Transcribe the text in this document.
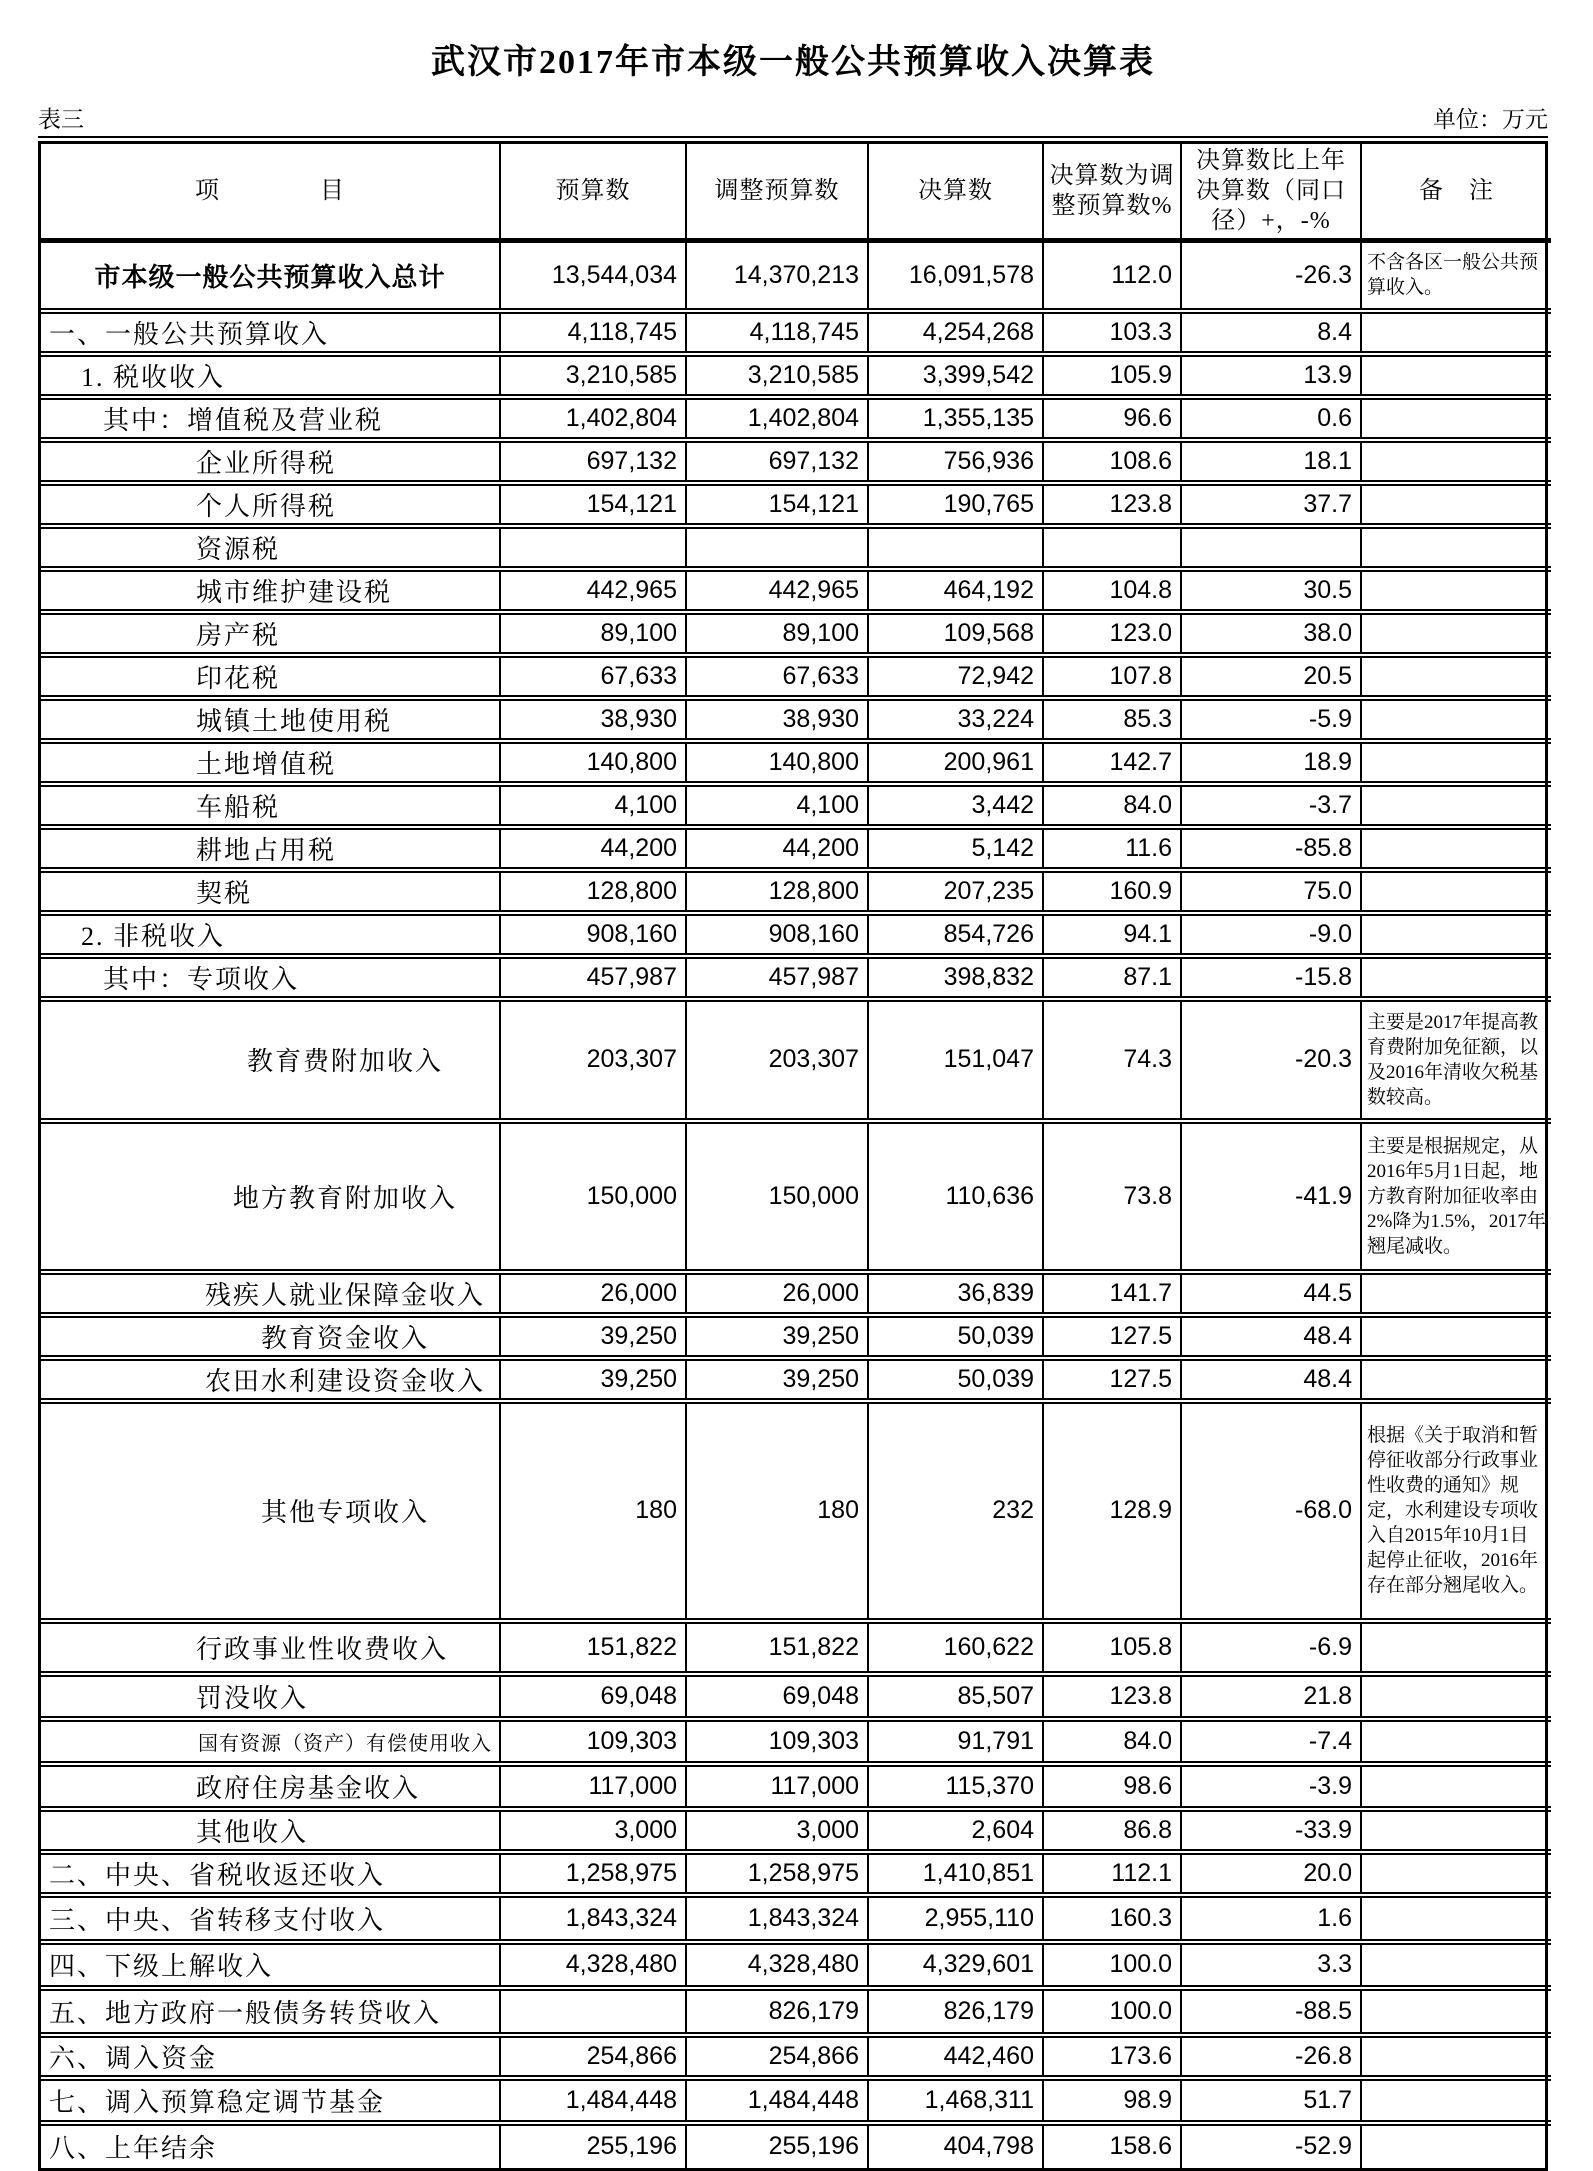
武汉市2017年市本级一般公共预算收入决算表
表三	单位：万元
项　　　　目	预算数	调整预算数	决算数	决算数为调整预算数%	决算数比上年决算数（同口径）+，-%	备　注
市本级一般公共预算收入总计	13,544,034	14,370,213	16,091,578	112.0	-26.3	不含各区一般公共预算收入。
一、一般公共预算收入	4,118,745	4,118,745	4,254,268	103.3	8.4	
1. 税收收入	3,210,585	3,210,585	3,399,542	105.9	13.9	
其中：增值税及营业税	1,402,804	1,402,804	1,355,135	96.6	0.6	
企业所得税	697,132	697,132	756,936	108.6	18.1	
个人所得税	154,121	154,121	190,765	123.8	37.7	
资源税						
城市维护建设税	442,965	442,965	464,192	104.8	30.5	
房产税	89,100	89,100	109,568	123.0	38.0	
印花税	67,633	67,633	72,942	107.8	20.5	
城镇土地使用税	38,930	38,930	33,224	85.3	-5.9	
土地增值税	140,800	140,800	200,961	142.7	18.9	
车船税	4,100	4,100	3,442	84.0	-3.7	
耕地占用税	44,200	44,200	5,142	11.6	-85.8	
契税	128,800	128,800	207,235	160.9	75.0	
2. 非税收入	908,160	908,160	854,726	94.1	-9.0	
其中：专项收入	457,987	457,987	398,832	87.1	-15.8	
教育费附加收入	203,307	203,307	151,047	74.3	-20.3	主要是2017年提高教育费附加免征额，以及2016年清收欠税基数较高。
地方教育附加收入	150,000	150,000	110,636	73.8	-41.9	主要是根据规定，从2016年5月1日起，地方教育附加征收率由2%降为1.5%，2017年翘尾减收。
残疾人就业保障金收入	26,000	26,000	36,839	141.7	44.5	
教育资金收入	39,250	39,250	50,039	127.5	48.4	
农田水利建设资金收入	39,250	39,250	50,039	127.5	48.4	
其他专项收入	180	180	232	128.9	-68.0	根据《关于取消和暂停征收部分行政事业性收费的通知》规定，水利建设专项收入自2015年10月1日起停止征收，2016年存在部分翘尾收入。
行政事业性收费收入	151,822	151,822	160,622	105.8	-6.9	
罚没收入	69,048	69,048	85,507	123.8	21.8	
国有资源（资产）有偿使用收入	109,303	109,303	91,791	84.0	-7.4	
政府住房基金收入	117,000	117,000	115,370	98.6	-3.9	
其他收入	3,000	3,000	2,604	86.8	-33.9	
二、中央、省税收返还收入	1,258,975	1,258,975	1,410,851	112.1	20.0	
三、中央、省转移支付收入	1,843,324	1,843,324	2,955,110	160.3	1.6	
四、下级上解收入	4,328,480	4,328,480	4,329,601	100.0	3.3	
五、地方政府一般债务转贷收入		826,179	826,179	100.0	-88.5	
六、调入资金	254,866	254,866	442,460	173.6	-26.8	
七、调入预算稳定调节基金	1,484,448	1,484,448	1,468,311	98.9	51.7	
八、上年结余	255,196	255,196	404,798	158.6	-52.9	
